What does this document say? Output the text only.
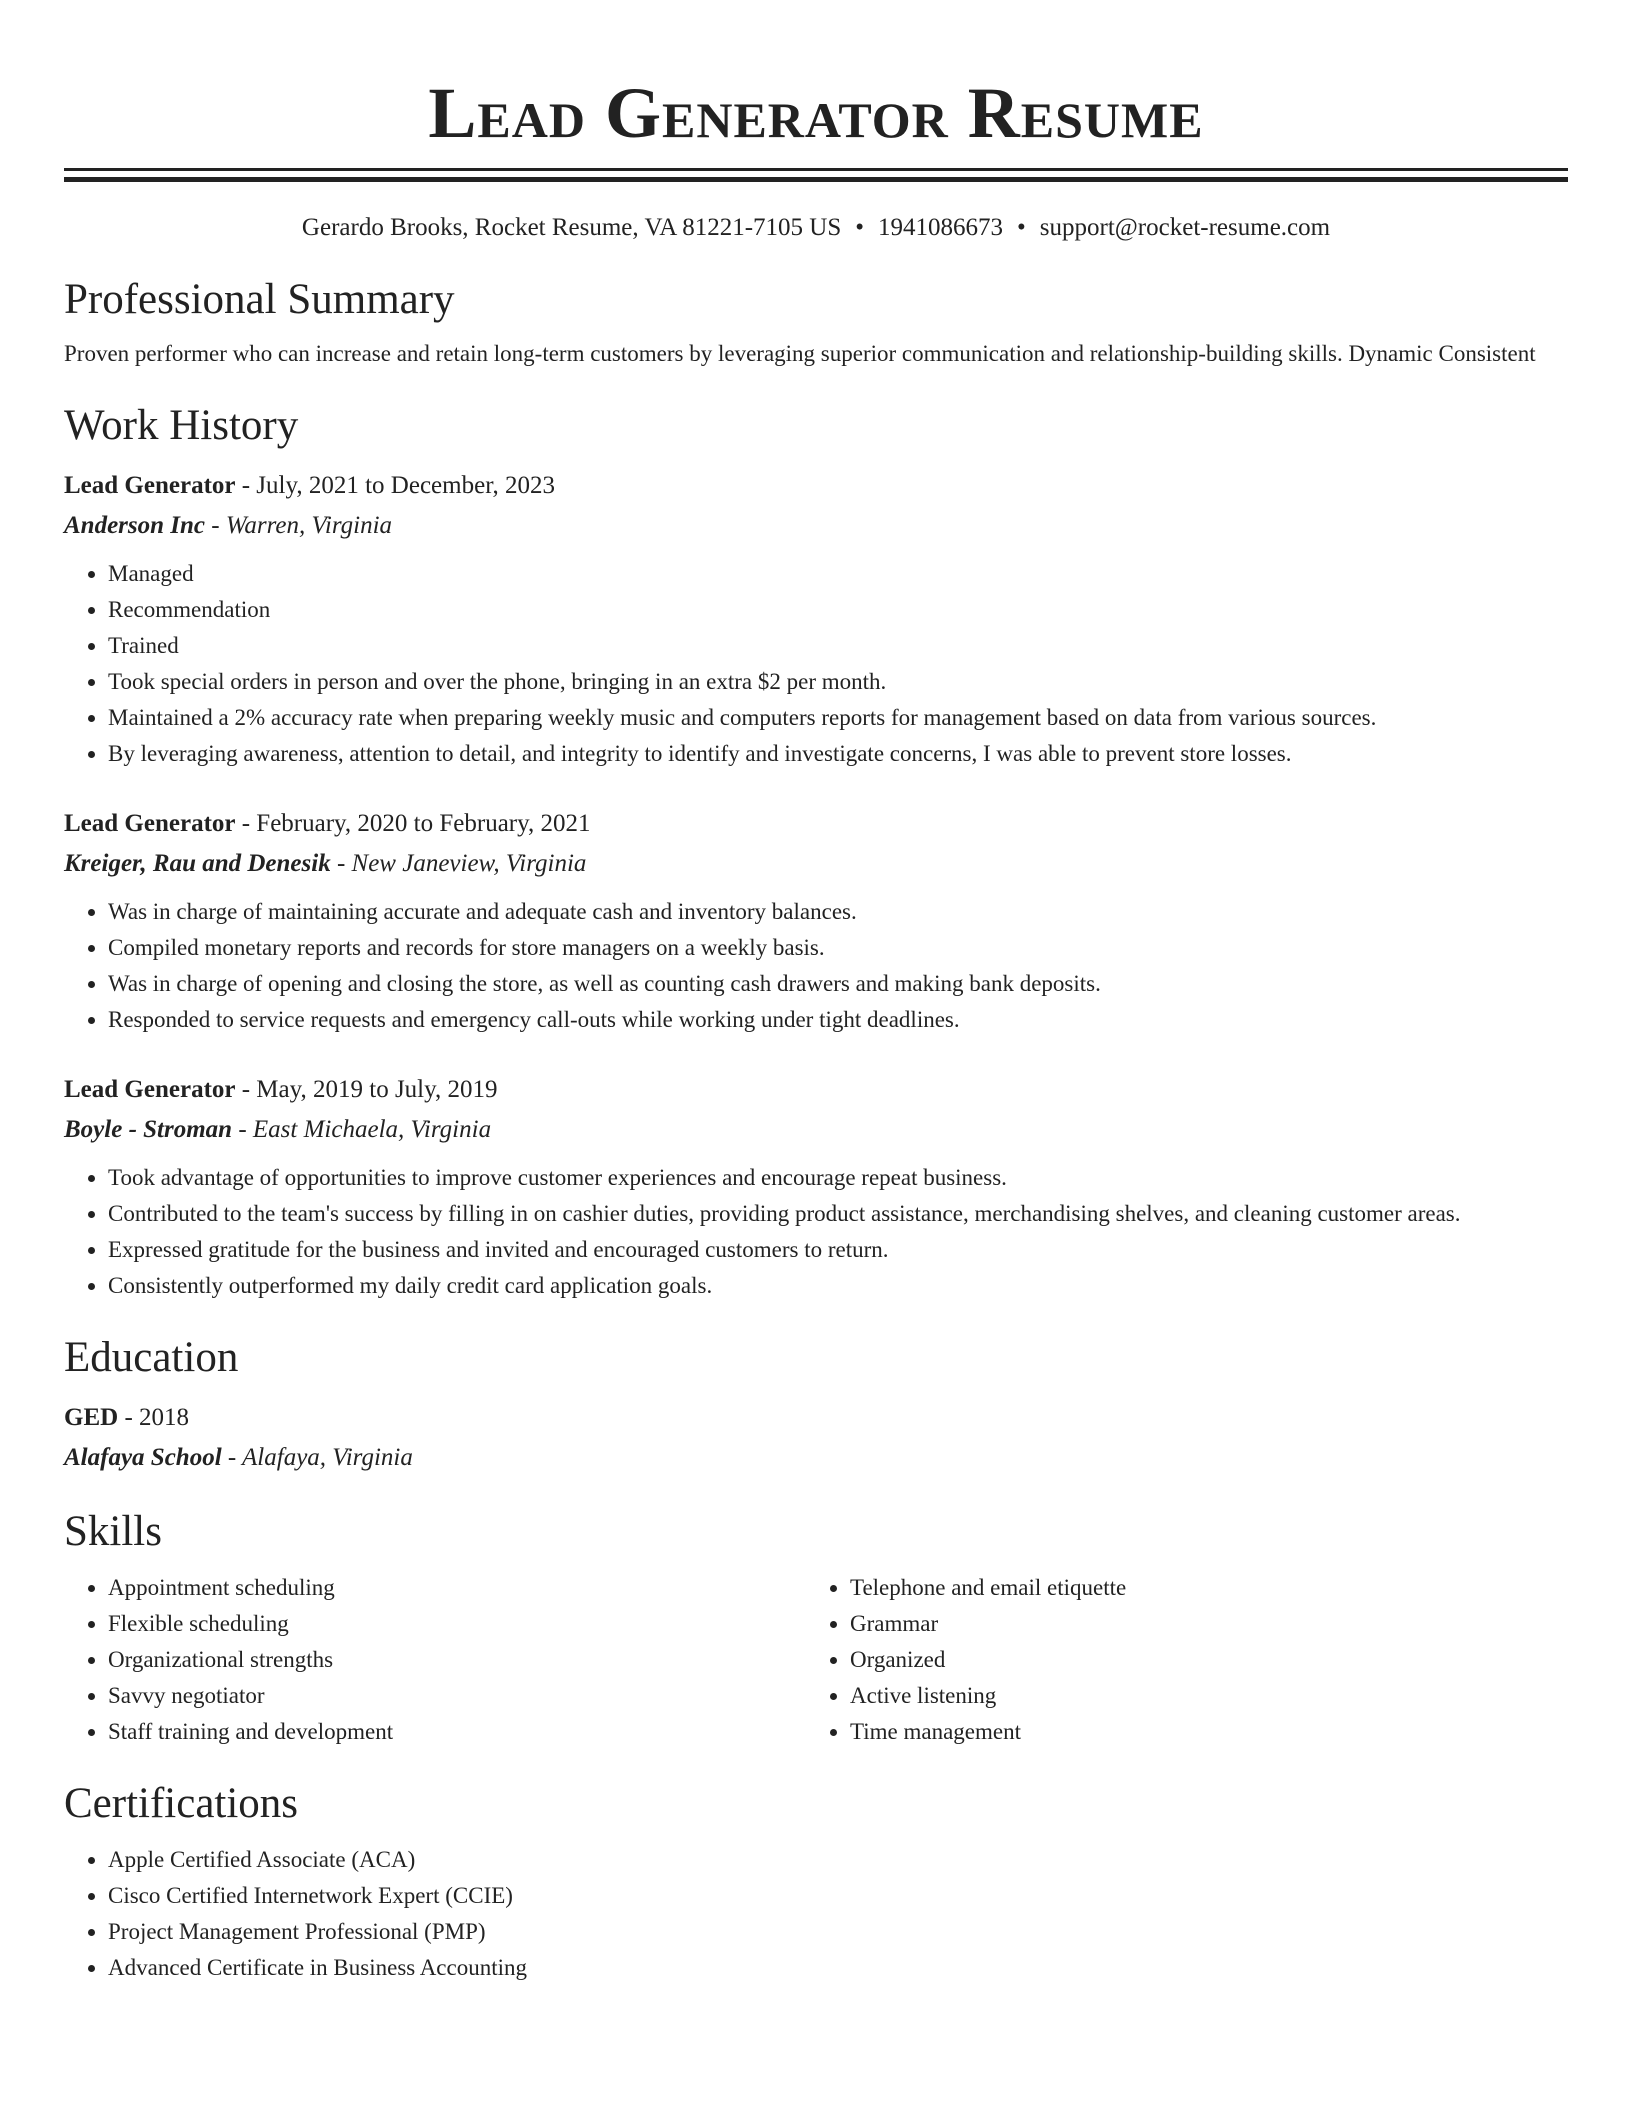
Lead Generator Resume
Gerardo Brooks, Rocket Resume, VA 81221-7105 US • 1941086673 • support@rocket-resume.com
Professional Summary
Proven performer who can increase and retain long-term customers by leveraging superior communication and relationship-building skills. Dynamic Consistent
Work History
Lead Generator - July, 2021 to December, 2023
Anderson Inc - Warren, Virginia
• Managed
• Recommendation
• Trained
• Took special orders in person and over the phone, bringing in an extra $2 per month.
• Maintained a 2% accuracy rate when preparing weekly music and computers reports for management based on data from various sources.
• By leveraging awareness, attention to detail, and integrity to identify and investigate concerns, I was able to prevent store losses.
Lead Generator - February, 2020 to February, 2021
Kreiger, Rau and Denesik - New Janeview, Virginia
• Was in charge of maintaining accurate and adequate cash and inventory balances.
• Compiled monetary reports and records for store managers on a weekly basis.
• Was in charge of opening and closing the store, as well as counting cash drawers and making bank deposits.
• Responded to service requests and emergency call-outs while working under tight deadlines.
Lead Generator - May, 2019 to July, 2019
Boyle - Stroman - East Michaela, Virginia
• Took advantage of opportunities to improve customer experiences and encourage repeat business.
• Contributed to the team's success by filling in on cashier duties, providing product assistance, merchandising shelves, and cleaning customer areas.
• Expressed gratitude for the business and invited and encouraged customers to return.
• Consistently outperformed my daily credit card application goals.
Education
GED - 2018
Alafaya School - Alafaya, Virginia
Skills
• Appointment scheduling
• Flexible scheduling
• Organizational strengths
• Savvy negotiator
• Staff training and development
• Telephone and email etiquette
• Grammar
• Organized
• Active listening
• Time management
Certifications
• Apple Certified Associate (ACA)
• Cisco Certified Internetwork Expert (CCIE)
• Project Management Professional (PMP)
• Advanced Certificate in Business Accounting
